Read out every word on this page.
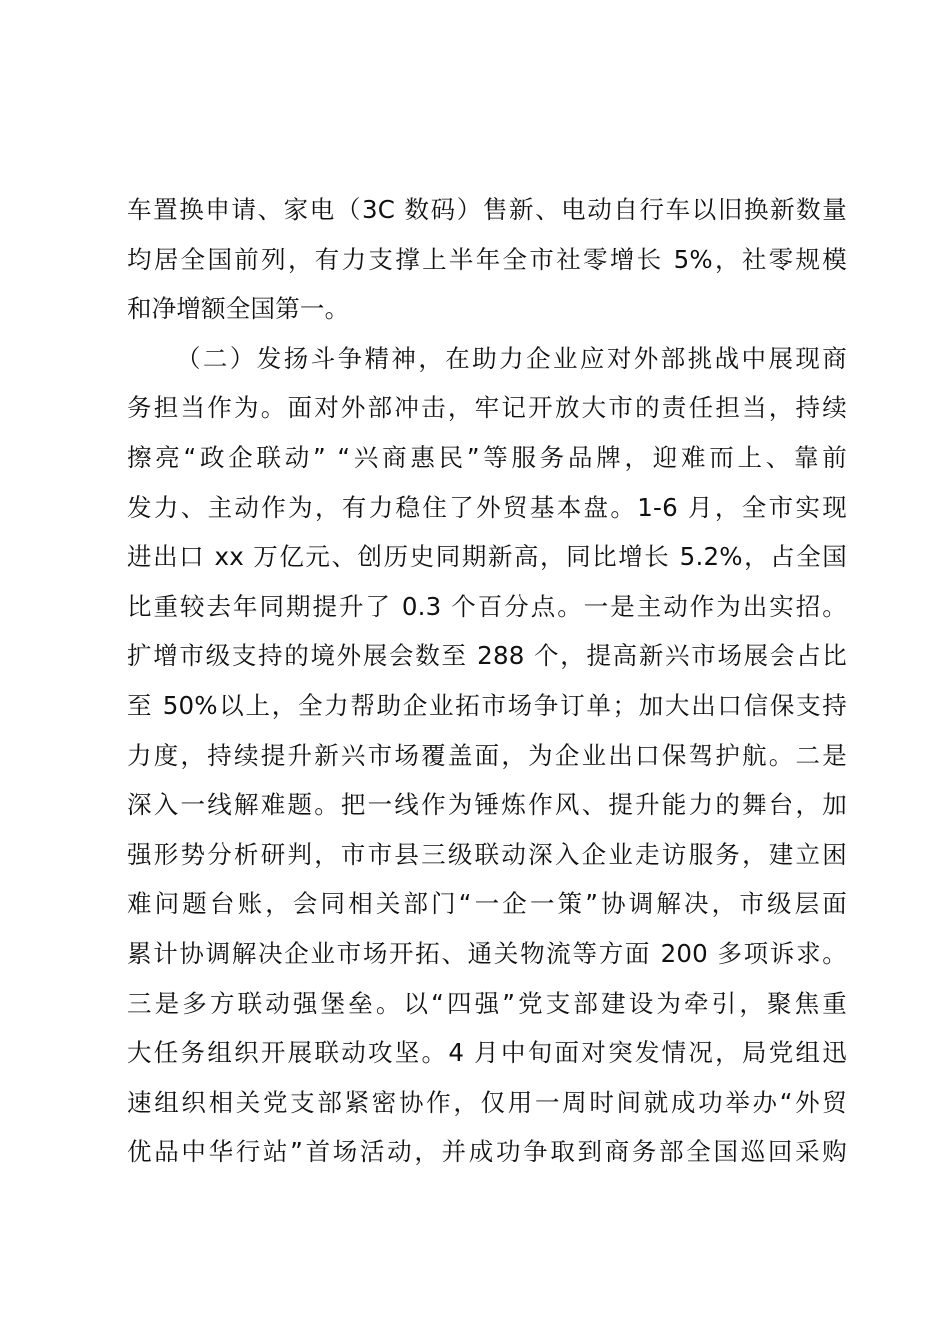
车置换申请、家电（3C 数码）售新、电动自行车以旧换新数量
均居全国前列，有力支撑上半年全市社零增长 5%，社零规模
和净增额全国第一。
（二）发扬斗争精神，在助力企业应对外部挑战中展现商
务担当作为。面对外部冲击，牢记开放大市的责任担当，持续
擦亮“政企联动” “兴商惠民”等服务品牌，迎难而上、靠前
发力、主动作为，有力稳住了外贸基本盘。1-6 月，全市实现
进出口 xx 万亿元、创历史同期新高，同比增长 5.2%，占全国
比重较去年同期提升了 0.3 个百分点。一是主动作为出实招。
扩增市级支持的境外展会数至 288 个，提高新兴市场展会占比
至 50%以上，全力帮助企业拓市场争订单；加大出口信保支持
力度，持续提升新兴市场覆盖面，为企业出口保驾护航。二是
深入一线解难题。把一线作为锤炼作风、提升能力的舞台，加
强形势分析研判，市市县三级联动深入企业走访服务，建立困
难问题台账，会同相关部门“一企一策”协调解决，市级层面
累计协调解决企业市场开拓、通关物流等方面 200 多项诉求。
三是多方联动强堡垒。以“四强”党支部建设为牵引，聚焦重
大任务组织开展联动攻坚。4 月中旬面对突发情况，局党组迅
速组织相关党支部紧密协作，仅用一周时间就成功举办“外贸
优品中华行站”首场活动，并成功争取到商务部全国巡回采购
